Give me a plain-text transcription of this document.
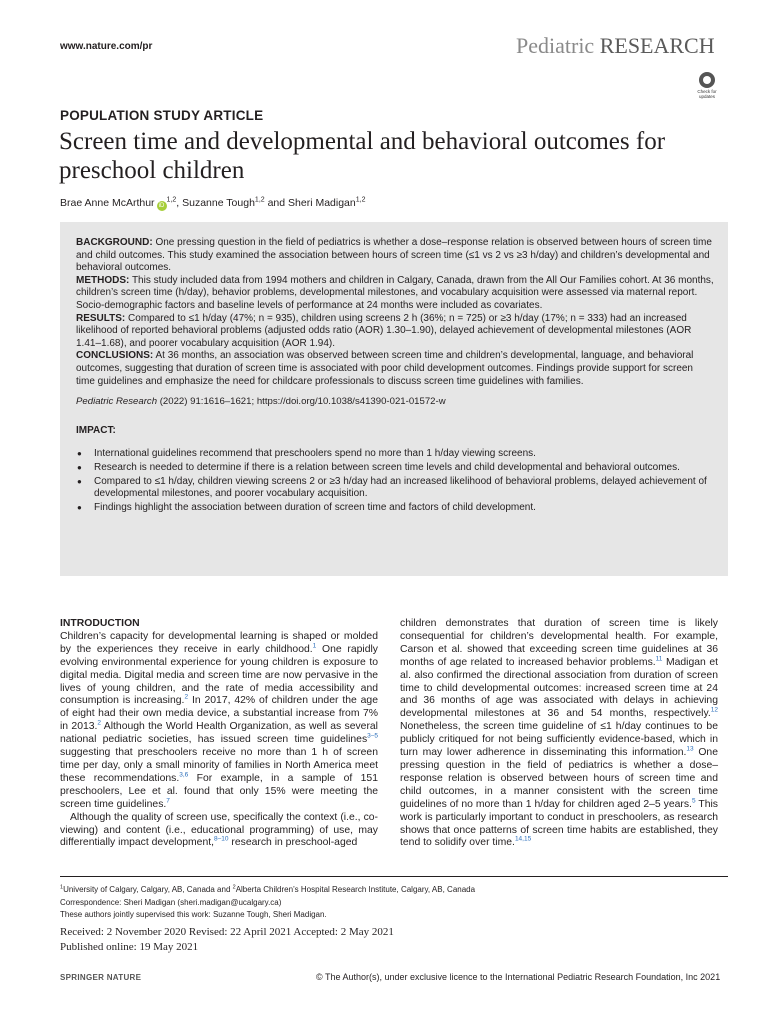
www.nature.com/pr	Pediatric RESEARCH
Check for
updates
POPULATION STUDY ARTICLE
Screen time and developmental and behavioral outcomes for preschool children
Brae Anne McArthur iD$^{1,2}$, Suzanne Tough$^{1,2}$ and Sheri Madigan$^{1,2}$

BACKGROUND: One pressing question in the field of pediatrics is whether a dose–response relation is observed between hours of screen time and child outcomes. This study examined the association between hours of screen time (≤1 vs 2 vs ≥3 h/day) and children’s developmental and behavioral outcomes.

METHODS: This study included data from 1994 mothers and children in Calgary, Canada, drawn from the All Our Families cohort. At 36 months, children’s screen time (h/day), behavior problems, developmental milestones, and vocabulary acquisition were assessed via maternal report. Socio-demographic factors and baseline levels of performance at 24 months were included as covariates.

RESULTS: Compared to ≤1 h/day (47%; n = 935), children using screens 2 h (36%; n = 725) or ≥3 h/day (17%; n = 333) had an increased likelihood of reported behavioral problems (adjusted odds ratio (AOR) 1.30–1.90), delayed achievement of developmental milestones (AOR 1.41–1.68), and poorer vocabulary acquisition (AOR 1.94).

CONCLUSIONS: At 36 months, an association was observed between screen time and children’s developmental, language, and behavioral outcomes, suggesting that duration of screen time is associated with poor child development outcomes. Findings provide support for screen time guidelines and emphasize the need for childcare professionals to discuss screen time guidelines with families.

Pediatric Research (2022) 91:1616–1621; https://doi.org/10.1038/s41390-021-01572-w

IMPACT:

● International guidelines recommend that preschoolers spend no more than 1 h/day viewing screens.
● Research is needed to determine if there is a relation between screen time levels and child developmental and behavioral outcomes.
● Compared to ≤1 h/day, children viewing screens 2 or ≥3 h/day had an increased likelihood of behavioral problems, delayed achievement of developmental milestones, and poorer vocabulary acquisition.
● Findings highlight the association between duration of screen time and factors of child development.

INTRODUCTION

Children’s capacity for developmental learning is shaped or molded by the experiences they receive in early childhood.$^1$ One rapidly evolving environmental experience for young children is exposure to digital media. Digital media and screen time are now pervasive in the lives of young children, and the rate of media accessibility and consumption is increasing.$^2$ In 2017, 42% of children under the age of eight had their own media device, a substantial increase from 7% in 2013.$^2$ Although the World Health Organization, as well as several national pediatric societies, has issued screen time guidelines$^{3-5}$ suggesting that preschoolers receive no more than 1 h of screen time per day, only a small minority of families in North America meet these recommendations.$^{3,6}$ For example, in a sample of 151 preschoolers, Lee et al. found that only 15% were meeting the screen time guidelines.$^7$

Although the quality of screen use, specifically the context (i.e., co-viewing) and content (i.e., educational programming) of use, may differentially impact development,$^{8-10}$ research in preschool-aged

children demonstrates that duration of screen time is likely consequential for children’s developmental health. For example, Carson et al. showed that exceeding screen time guidelines at 36 months of age related to increased behavior problems.$^{11}$ Madigan et al. also confirmed the directional association from duration of screen time to child developmental outcomes: increased screen time at 24 and 36 months of age was associated with delays in achieving developmental milestones at 36 and 54 months, respectively.$^{12}$ Nonetheless, the screen time guideline of ≤1 h/day continues to be publicly critiqued for not being sufficiently evidence-based, which in turn may lower adherence in disseminating this information.$^{13}$ One pressing question in the field of pediatrics is whether a dose–response relation is observed between hours of screen time and child outcomes, in a manner consistent with the screen time guidelines of no more than 1 h/day for children aged 2–5 years.$^5$ This work is particularly important to conduct in preschoolers, as research shows that once patterns of screen time habits are established, they tend to solidify over time.$^{14,15}$

$^1$University of Calgary, Calgary, AB, Canada and $^2$Alberta Children’s Hospital Research Institute, Calgary, AB, Canada
Correspondence: Sheri Madigan (sheri.madigan@ucalgary.ca)
These authors jointly supervised this work: Suzanne Tough, Sheri Madigan.
Received: 2 November 2020 Revised: 22 April 2021 Accepted: 2 May 2021
Published online: 19 May 2021
SPRINGER NATURE	© The Author(s), under exclusive licence to the International Pediatric Research Foundation, Inc 2021
